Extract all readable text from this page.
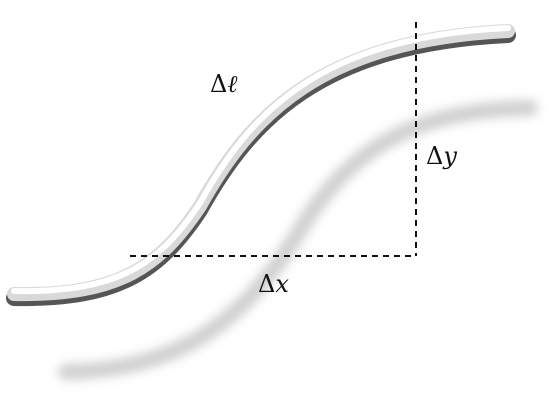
Δℓ
Δy
Δx
